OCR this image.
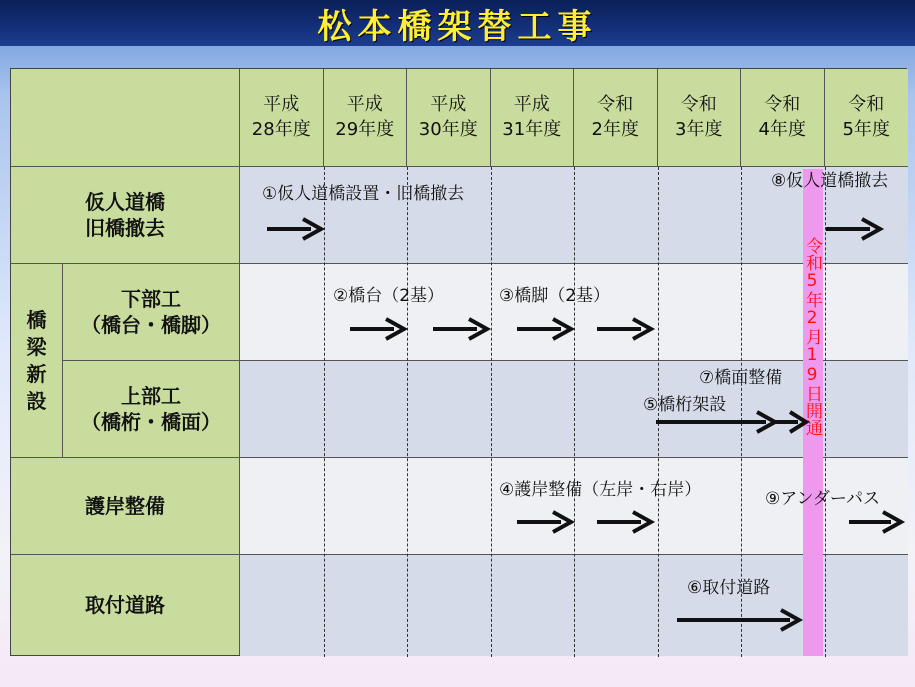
松本橋架替工事
平成
28年度
平成
29年度
平成
30年度
平成
31年度
令和
2年度
令和
3年度
令和
4年度
令和
5年度
仮人道橋
旧橋撤去
橋
梁
新
設
下部工
（橋台・橋脚）
上部工
（橋桁・橋面）
護岸整備
取付道路
令和5年2月19日開通
①仮人道橋設置・旧橋撤去
⑧仮人道橋撤去
②橋台（2基）	③橋脚（2基）
⑦橋面整備
⑤橋桁架設
④護岸整備（左岸・右岸）	⑨アンダーパス
⑥取付道路
